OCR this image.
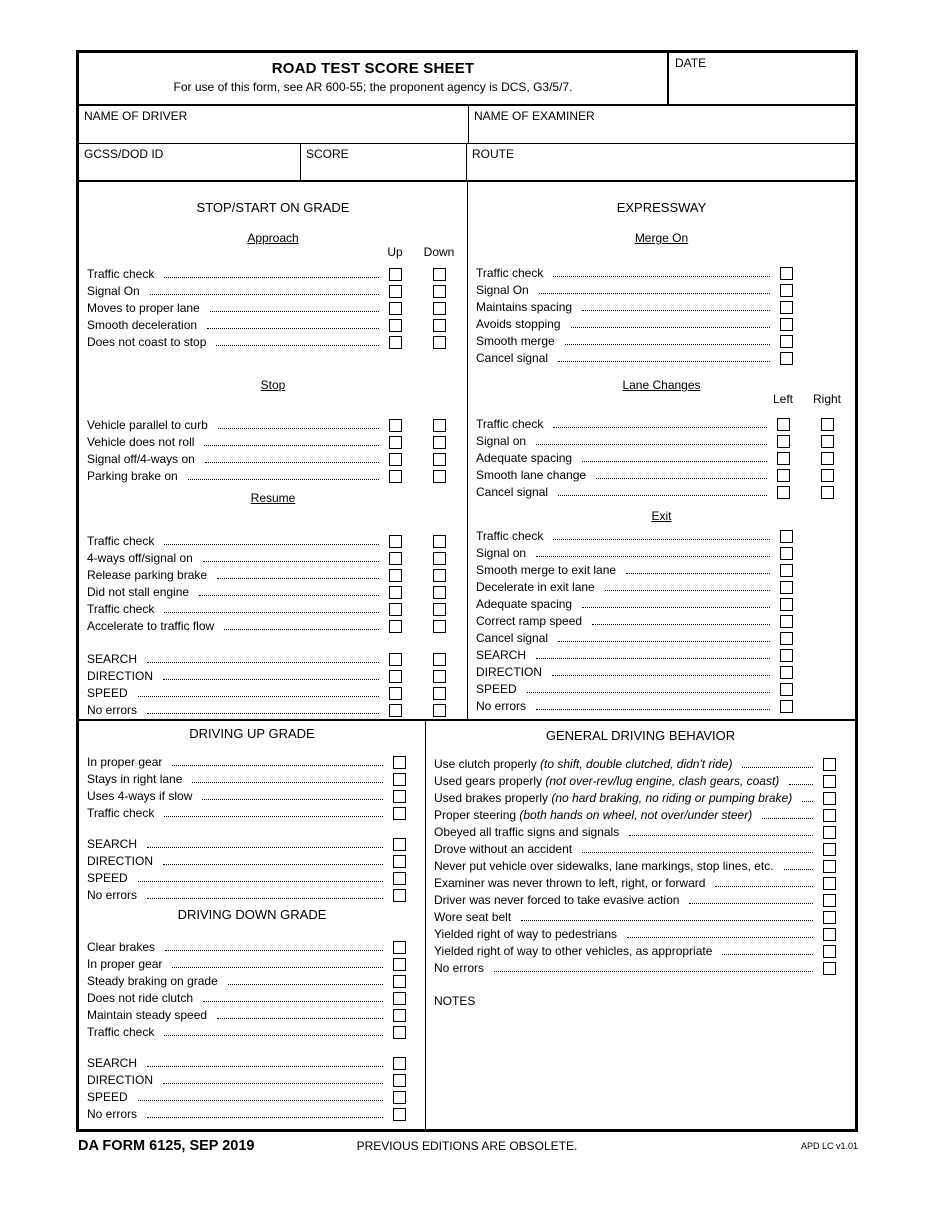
ROAD TEST SCORE SHEET
For use of this form, see AR 600-55; the proponent agency is DCS, G3/5/7.
DATE
NAME OF DRIVER	NAME OF EXAMINER
GCSS/DOD ID	SCORE	ROUTE
STOP/START ON GRADE
Approach
Up	Down
Traffic check
Signal On
Moves to proper lane
Smooth deceleration
Does not coast to stop
Stop
Vehicle parallel to curb
Vehicle does not roll
Signal off/4-ways on
Parking brake on
Resume
Traffic check
4-ways off/signal on
Release parking brake
Did not stall engine
Traffic check
Accelerate to traffic flow
SEARCH
DIRECTION
SPEED
No errors
EXPRESSWAY
Merge On
Traffic check
Signal On
Maintains spacing
Avoids stopping
Smooth merge
Cancel signal
Lane Changes
Left	Right
Traffic check
Signal on
Adequate spacing
Smooth lane change
Cancel signal
Exit
Traffic check
Signal on
Smooth merge to exit lane
Decelerate in exit lane
Adequate spacing
Correct ramp speed
Cancel signal
SEARCH
DIRECTION
SPEED
No errors
DRIVING UP GRADE
In proper gear
Stays in right lane
Uses 4-ways if slow
Traffic check
SEARCH
DIRECTION
SPEED
No errors
DRIVING DOWN GRADE
Clear brakes
In proper gear
Steady braking on grade
Does not ride clutch
Maintain steady speed
Traffic check
SEARCH
DIRECTION
SPEED
No errors
GENERAL DRIVING BEHAVIOR
Use clutch properly (to shift, double clutched, didn't ride)
Used gears properly (not over-rev/lug engine, clash gears, coast)
Used brakes properly (no hard braking, no riding or pumping brake)
Proper steering (both hands on wheel, not over/under steer)
Obeyed all traffic signs and signals
Drove without an accident
Never put vehicle over sidewalks, lane markings, stop lines, etc.
Examiner was never thrown to left, right, or forward
Driver was never forced to take evasive action
Wore seat belt
Yielded right of way to pedestrians
Yielded right of way to other vehicles, as appropriate
No errors
NOTES
DA FORM 6125, SEP 2019	PREVIOUS EDITIONS ARE OBSOLETE.	APD LC v1.01
